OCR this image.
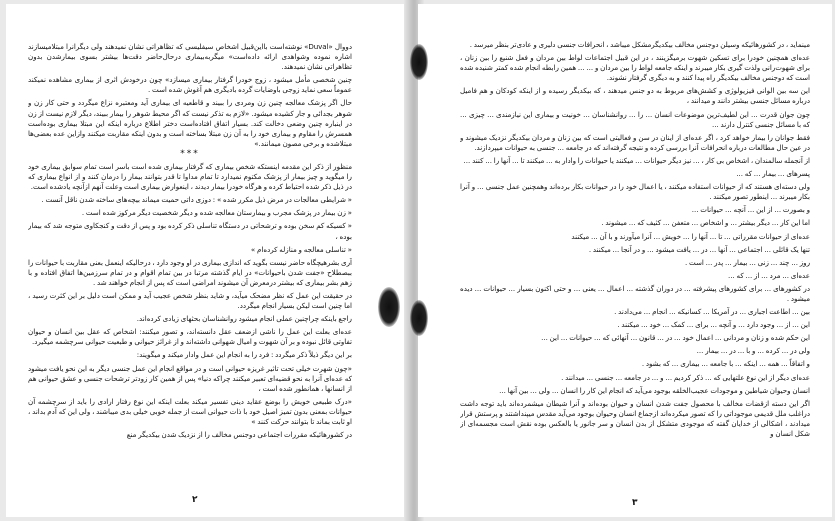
دووال «Duval» نوشته‌است بااین‌قبیل اشخاص سیفلیسی که تظاهراتی نشان نمیدهند ولی دیگرانرا مبتلامیسازند اشاره نموده وشواهدی ارائه داده‌است» میگربه‌بیماری درحال‌حاضر دقت‌ها بیشتر بسوی بیمارشدن بدون تظاهراتی نشان نمیدهند.

چنین شخصی مأمل میشود ، زوج خودرا گرفتار بیماری میسازد» چون درخودش اثری از بیماری مشاهده نمیکند عموماً سعی نماید زوجی باوضایات گرده بادیگری هم آغوش شده است .

حال اگر پزشک معالجه‌ چنین زن ومردی را ببیند و قاطعیه ای بیماری آید ومعتبره نزاع میگردد و حتی کار زن و شوهر بجدائی و جار کشیده میشود. «لازم به تذکر نیست که اگر محیط شوهر را بیمار ببیند، دیگر لازم نیست از زن در اینباره چنین وضعی دخالت کند. بسیار اتفاق افتاده‌است دختر اطلاع درباره اینکه این مبتلا بیماری بوده‌است همسرش را مقاوم و بیماری خود را به آن زن مبتلا بساخته است و بدون اینکه مقاربت میکنند وازاین عده بعضی‌ها مبتلاشده و برخی مصون میمانند.»

***

منظور از ذکر این مقدمه اینستکه شخص بیماری که گرفتار بیماری شده است باسر است تمام سوابق بیماری خود را میگوید و چیز بیمار از پزشک مکتوم نمیدارد تا تمام مداوا تا قدر بتوانند بیمار را درمان کنند و از انواع بیماری که در ذیل ذکر شده احتیاط کرده و هرگاه خودرا بیمار دیدند ، اینعوارض بیماری است وعلت آنهم ازآنچه یادشده است.

« شرایطی معالجات در مرض ذیل مکرر شده » : دوزی داتی حمیت میماند بیچه‌های ساخته شدن ناقل آنست .

« زن بیمار در پزشک مجرب و بیمارستان معالجه شده و دیگر شخصیت دیگر مرکوز شده است .

« کسیکه کم سخن بوده و ترشحاتی در دستگاه تناسلی ذکر کرده بود و پس از دقت و کنجکاوی متوجه شد که بیمار بوده ،

« تناسلی معالجه و منازله کرده‌ام »

آری بشرهیچگاه حاضر نیست بگوید که اندازی بیماری در او وجود دارد ، درحالیکه اینعمل بعنی مقاربت با حیوانات را ببصطلاح «جفت شدن باحیوانات» در ایام گذشته مرتبا در بین تمام اقوام و در تمام سرزمین‌ها اتفاق افتاده و با زهم بشر بیماری که بیشتر درمعرض آن میشوند امراضی است که پس از انجام خواهند شد .

در حقیقت این عمل که نظر مضحک میآید، و شاید بنظر شخص عجیب آید و ممکن است دلیل بر این کثرت رسید ، اما چنین است لیکن بسیار انجام میگردد.

راجع باینکه چراچنین عملی انجام میشود روانشناسان بحثهای زیادی کرده‌اند.

عده‌ای بعلت این عمل را ناشی ازضعف عقل دانسته‌اند، و تصور میکنند: اشخاص که عقل بین انسان و حیوان تفاوتی قائل نبوده و بر آن شهوت و امیال شهوانی داشته‌اند و از غرائز حیوانی و طبعیت حیوانی سرچشمه میگیرد.

بر این دیگر ذیلاً ذکر میگردد : فرد را به انجام این عمل وادار میکند و میگویند:

«چون شهرت خیلی تحت تاثیر غریزه حیوانی است و در مواقع انجام این عمل جنسی دیگر به این نحو یافت میشود که عده‌ای آنرا به نحو قضیه‌ای تعبیر میکنند چراکه دنیا» پس از همین کار زودتر ترشحات جنسی و عشق حیوانی هم از انسانها ، همانطور شده است ،

«درک طبیعی خویش را بوضع عقاید دینی تفسیر میکند بعلت اینکه این نوع رفتار ارادی را باید از سرچشمه آن حیوانات بمعنی بدون تمیز اصیل خود با ذات حیوانی است از جمله خوبی خیلی بدی میباشند ، ولی این که آدم بداند ، او ثابت بماند تا بتوانند حرکت کنند »

در کشورهائیکه مقررات اجتماعی دوجنس مخالف را از نزدیک شدن بیکدیگر منع

۲

مینماید ، در کشورهائیکه وسیلن دوجنس مخالف بیکدیگرمشکل میباشد ، انحرافات جنسی دلیری و عادی‌تر بنظر میرسد .

عده‌ای همچنین خودرا برای تسکین شهوت برمیگزینند ، در این قبیل اجتماعات لواط بین مردان و فعل شنیع را بین زنان ، برای شهوت‌رانی ولذت گیری بکار میبرند و اینکه جامعه لواط را بین مردان و ... ... همین رابطه انجام شده کمتر شنیده شده است که دوجنس مخالف بیکدیگر راه پیدا کنند و به دیگری گرفتار نشوند.

این سه بین‌ الوانی فیزیولوژی و کشش‌های مربوط به دو جنس میدهند ، که بیکدیگر رسیده و از اینکه کودکان و هم فامیل درباره مسائل جنسی بیشتر دانند و میدانند ،

چون جوان قدرت ... این لطیف‌ترین موضوعات انسان ... را ... روانشناسان ... خونیت و بیماری این نیازمندی ... چیزی ... که با مسائل جنسی کنترل دارند ...

فقط جوانان را بیمار خواهد کرد ، اگر عده‌ای از اینان در سن و فعالیتی است که بین زنان و مردان بیکدیگر نزدیک میشوند و در عین حال مطالعات درباره انحرافات آنرا بررسی کرده و نتیجه گرفته‌اند که در جامعه ... جنسی به حیوانات میپردازند.

از آنجمله سالمندان ، اشخاص بی کار ، ... نیز دیگر حیوانات ... میکنند یا حیوانات را وادار به ... میکنند تا ... آنها را ... کنند ...

پسرهای ... بیمار ... که ...

ولی دسته‌ای هستند که از حیوانات استفاده میکنند ، یا اعمال خود را در حیوانات بکار برده‌اند وهمچنین عمل جنسی ... و آنرا بکار میبرند ... اینطور تصور میکنند .

و بصورت ... از این ... آنچه ... حیوانات ...

اما این کار ... دیگر بیشتر ... و اشخاص ... متعفن ... کثیف که ... میشوند .

عده‌ای از حیوانات مقرراتی ... تا ... آنها را ... خویش ... آنرا میآورند و با آن ... میکنند

تنها یک قائلی ... اجتماعی ... آنها ... در ... یافت میشود ... و در آنجا ... میکنند .

روز ... چند ... زنی ... بیمار ... پدر ... است .

عده‌ای ... مرد ... از ... که ...

در کشورهای ... برای کشورهای پیشرفته ... در دوران گذشته ... اعمال ... یعنی ... و حتی اکنون بسیار ... حیوانات ... دیده میشود .

بین ... اطاعت اجباری ... در آمریکا ... کسانیکه ... انجام ... می‌دادند .

این ... از ... وجود دارد ... و آنچه ... برای ... کمک ... خود ... میکنند .

این حکم شده و زنان و مردانی ... اعمال خود ... در ... قانون ... آنهائی که ... حیوانات ... این ...

ولی در ... کرده ... و با ... در ... بیمار ...

و اتفاقاً ... همه ... اینکه ... با جامعه ... بیماری ... که بشود .

عده‌ای دیگر از این نوع علتهایی که ... ذکر کردیم ... و ... در جامعه ... جنسی ... میدانند .

انسان وحیوان شیاطین و موجودات عجیب‌الخلقه بوجود می‌آید که انجام این کار را انسان ... ولی ... بین آنها ...

اگر این دسته ازقضات مخالف با محصول جفت شدن انسان و حیوان بوده‌اند و آنرا شیطان میشمرده‌اند باید توجه داشت دراغلب ملل قدیمی موجوداتی را که تصور میکرده‌اند ازجماع انسان وحیوان بوجود می‌آید مقدس میپنداشتند و پرستش قرار میدادند ، اشکالی از خدایان گفته که موجودی متشکل از بدن انسان و سر جانور یا بالعکس بوده نقش است مجسمه‌ای از شکل انسان و

۳
